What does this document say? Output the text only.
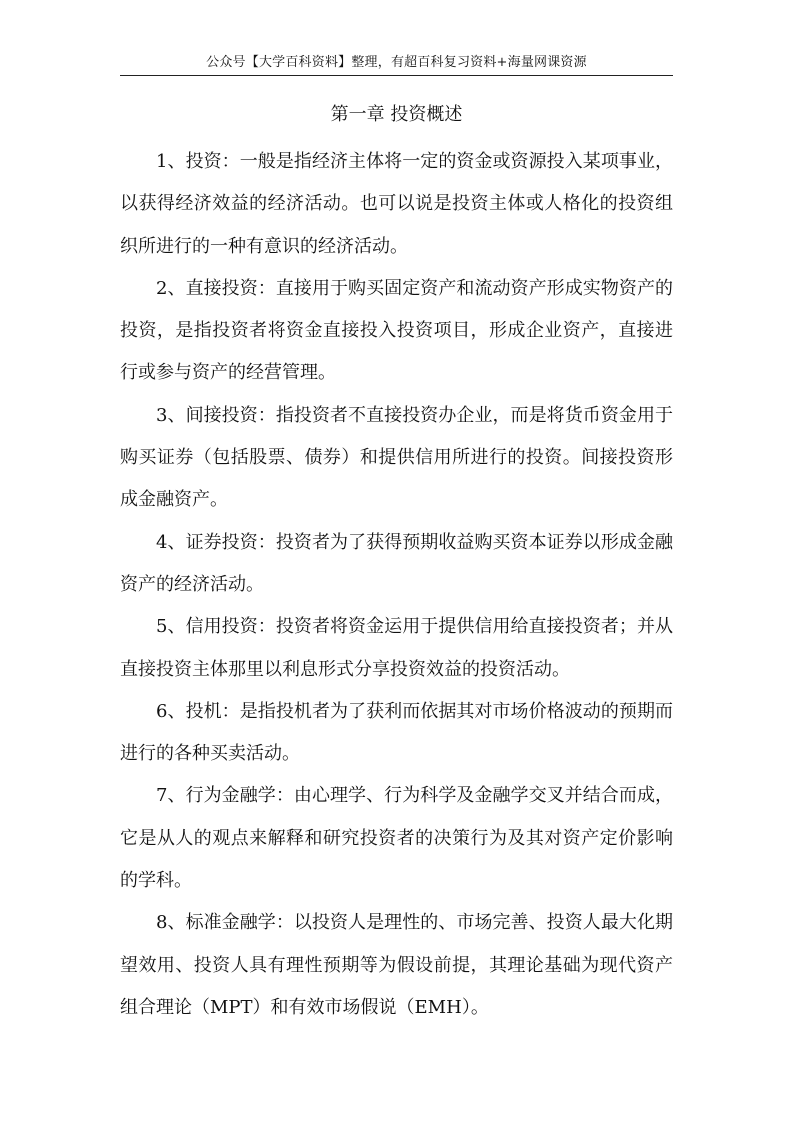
公众号【大学百科资料】整理，有超百科复习资料+海量网课资源
第一章 投资概述

1、投资：一般是指经济主体将一定的资金或资源投入某项事业，以获得经济效益的经济活动。也可以说是投资主体或人格化的投资组织所进行的一种有意识的经济活动。

2、直接投资：直接用于购买固定资产和流动资产形成实物资产的投资，是指投资者将资金直接投入投资项目，形成企业资产，直接进行或参与资产的经营管理。

3、间接投资：指投资者不直接投资办企业，而是将货币资金用于购买证券（包括股票、债券）和提供信用所进行的投资。间接投资形成金融资产。

4、证券投资：投资者为了获得预期收益购买资本证券以形成金融资产的经济活动。

5、信用投资：投资者将资金运用于提供信用给直接投资者；并从直接投资主体那里以利息形式分享投资效益的投资活动。

6、投机：是指投机者为了获利而依据其对市场价格波动的预期而进行的各种买卖活动。

7、行为金融学：由心理学、行为科学及金融学交叉并结合而成，它是从人的观点来解释和研究投资者的决策行为及其对资产定价影响的学科。

8、标准金融学：以投资人是理性的、市场完善、投资人最大化期望效用、投资人具有理性预期等为假设前提，其理论基础为现代资产组合理论（MPT）和有效市场假说（EMH）。
